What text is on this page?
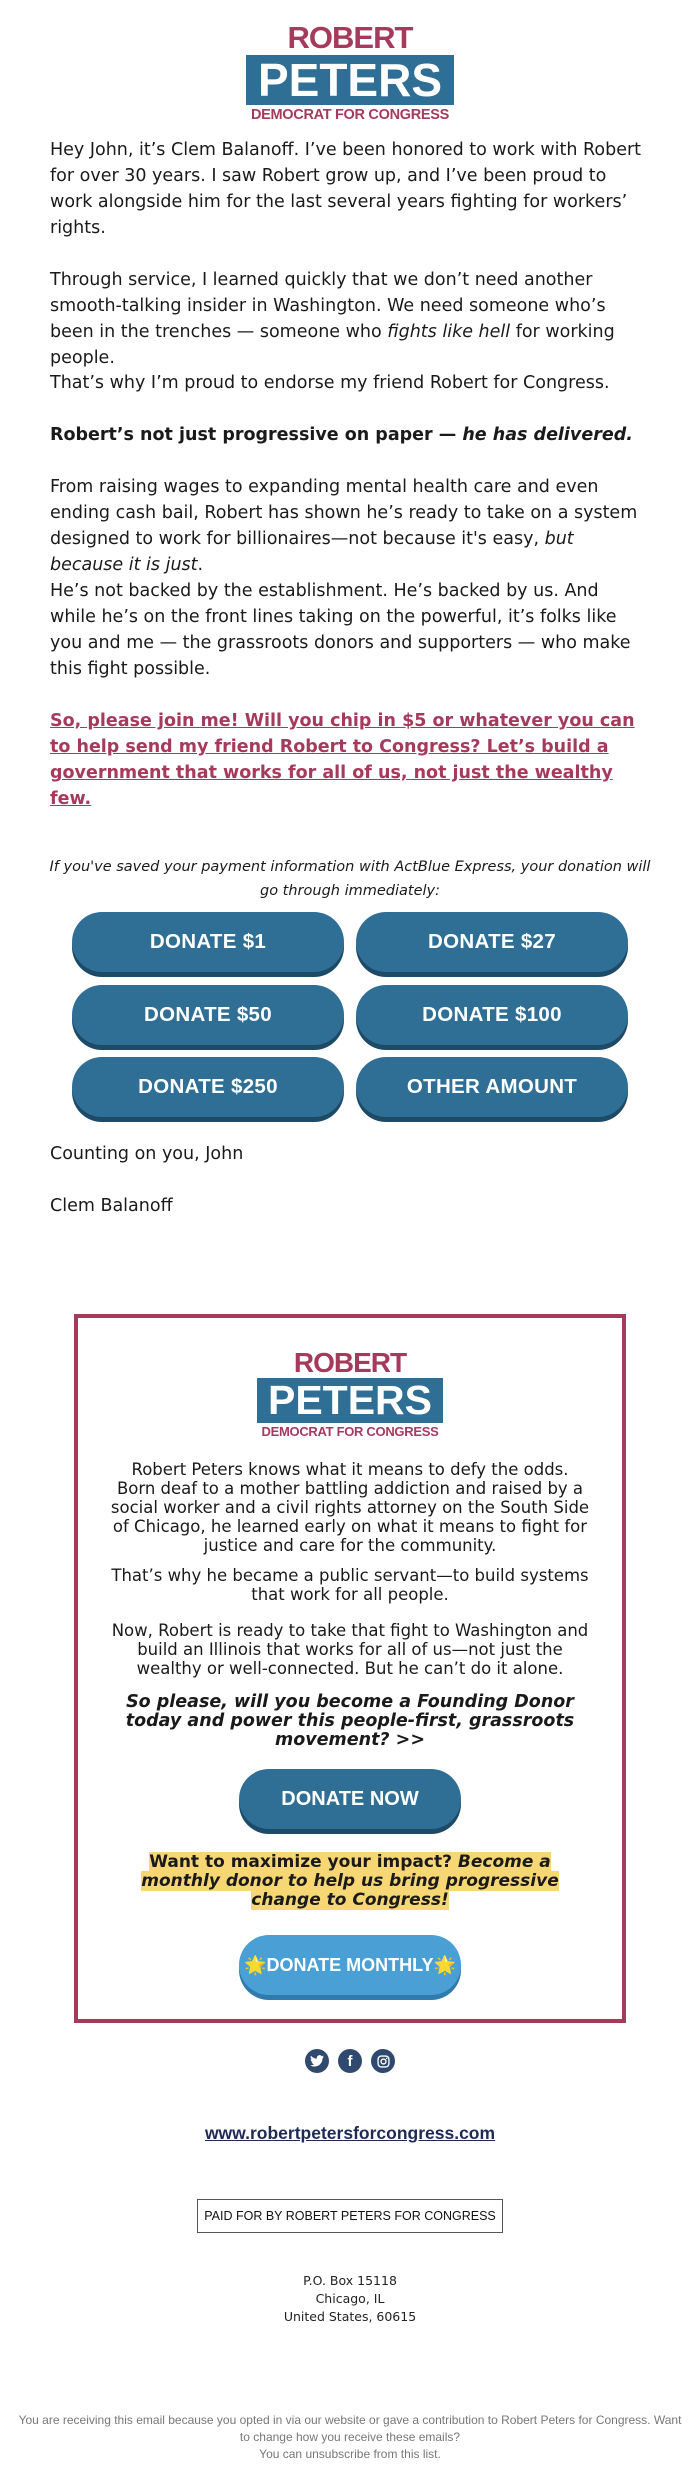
ROBERT
PETERS
DEMOCRAT FOR CONGRESS
Hey John, it’s Clem Balanoff. I’ve been honored to work with Robert for over 30 years. I saw Robert grow up, and I’ve been proud to work alongside him for the last several years fighting for workers’ rights.
Through service, I learned quickly that we don’t need another smooth-talking insider in Washington. We need someone who’s been in the trenches — someone who fights like hell for working people.
That’s why I’m proud to endorse my friend Robert for Congress.
Robert’s not just progressive on paper — he has delivered.
From raising wages to expanding mental health care and even ending cash bail, Robert has shown he’s ready to take on a system designed to work for billionaires—not because it's easy, but because it is just.
He’s not backed by the establishment. He’s backed by us. And while he’s on the front lines taking on the powerful, it’s folks like you and me — the grassroots donors and supporters — who make this fight possible.
So, please join me! Will you chip in $5 or whatever you can to help send my friend Robert to Congress? Let’s build a government that works for all of us, not just the wealthy few.
If you've saved your payment information with ActBlue Express, your donation will go through immediately:
DONATE $1	DONATE $27
DONATE $50	DONATE $100
DONATE $250	OTHER AMOUNT
Counting on you, John
Clem Balanoff
ROBERT
PETERS
DEMOCRAT FOR CONGRESS
Robert Peters knows what it means to defy the odds. Born deaf to a mother battling addiction and raised by a social worker and a civil rights attorney on the South Side of Chicago, he learned early on what it means to fight for justice and care for the community.
That’s why he became a public servant—to build systems that work for all people.
Now, Robert is ready to take that fight to Washington and build an Illinois that works for all of us—not just the wealthy or well-connected. But he can’t do it alone.
So please, will you become a Founding Donor today and power this people-first, grassroots movement? >>
DONATE NOW
Want to maximize your impact? Become a monthly donor to help us bring progressive change to Congress!
🌟DONATE MONTHLY🌟
f
www.robertpetersforcongress.com
PAID FOR BY ROBERT PETERS FOR CONGRESS
P.O. Box 15118
Chicago, IL
United States, 60615
You are receiving this email because you opted in via our website or gave a contribution to Robert Peters for Congress. Want to change how you receive these emails?
You can unsubscribe from this list.
